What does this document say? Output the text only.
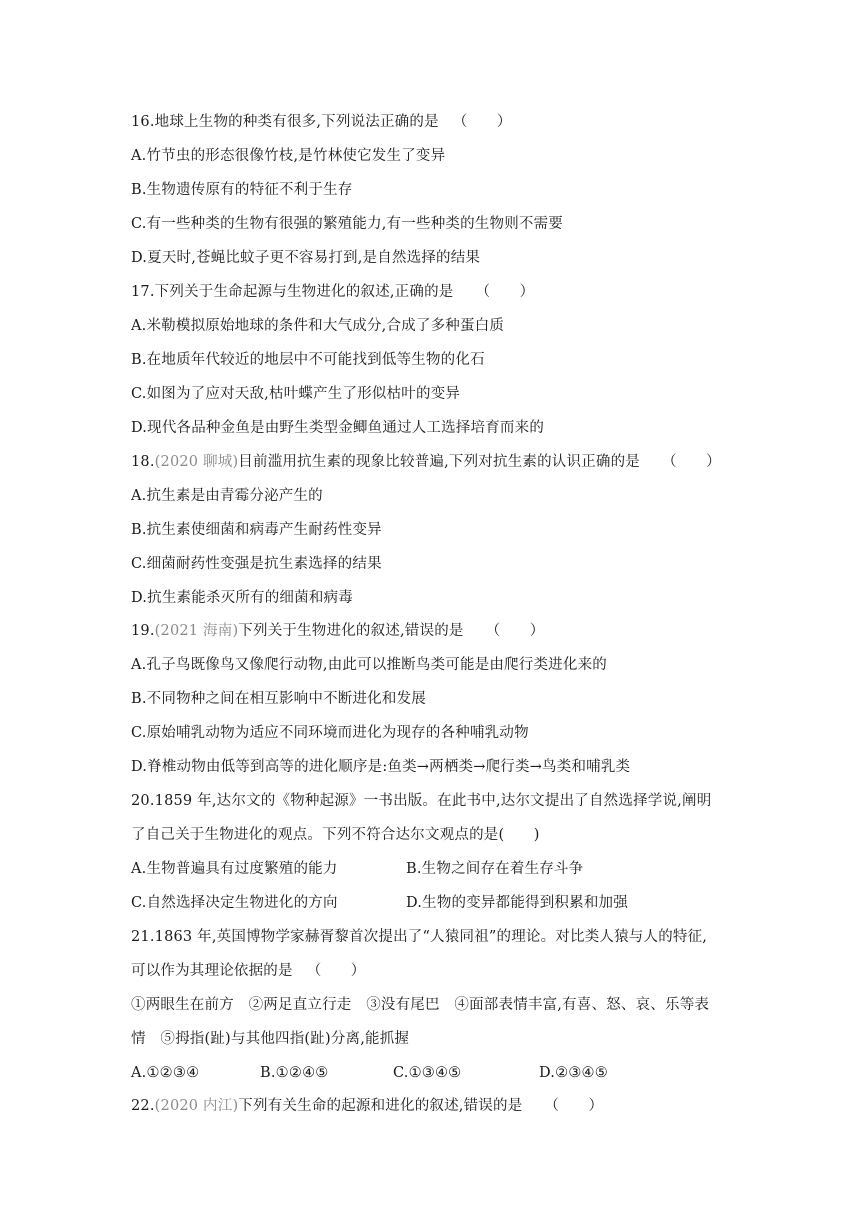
16.地球上生物的种类有很多,下列说法正确的是 （　　）
A.竹节虫的形态很像竹枝,是竹林使它发生了变异
B.生物遗传原有的特征不利于生存
C.有一些种类的生物有很强的繁殖能力,有一些种类的生物则不需要
D.夏天时,苍蝇比蚊子更不容易打到,是自然选择的结果
17.下列关于生命起源与生物进化的叙述,正确的是 （　　）
A.米勒模拟原始地球的条件和大气成分,合成了多种蛋白质
B.在地质年代较近的地层中不可能找到低等生物的化石
C.如图为了应对天敌,枯叶蝶产生了形似枯叶的变异
D.现代各品种金鱼是由野生类型金鲫鱼通过人工选择培育而来的
18.(2020 聊城)目前滥用抗生素的现象比较普遍,下列对抗生素的认识正确的是 （　　）
A.抗生素是由青霉分泌产生的
B.抗生素使细菌和病毒产生耐药性变异
C.细菌耐药性变强是抗生素选择的结果
D.抗生素能杀灭所有的细菌和病毒
19.(2021 海南)下列关于生物进化的叙述,错误的是 （　　）
A.孔子鸟既像鸟又像爬行动物,由此可以推断鸟类可能是由爬行类进化来的
B.不同物种之间在相互影响中不断进化和发展
C.原始哺乳动物为适应不同环境而进化为现存的各种哺乳动物
D.脊椎动物由低等到高等的进化顺序是:鱼类→两栖类→爬行类→鸟类和哺乳类
20.1859 年,达尔文的《物种起源》一书出版。在此书中,达尔文提出了自然选择学说,阐明
了自己关于生物进化的观点。下列不符合达尔文观点的是(　　)
A.生物普遍具有过度繁殖的能力	B.生物之间存在着生存斗争
C.自然选择决定生物进化的方向	D.生物的变异都能得到积累和加强
21.1863 年,英国博物学家赫胥黎首次提出了“人猿同祖”的理论。对比类人猿与人的特征,
可以作为其理论依据的是 （　　）
①两眼生在前方　②两足直立行走　③没有尾巴　④面部表情丰富,有喜、怒、哀、乐等表
情　⑤拇指(趾)与其他四指(趾)分离,能抓握
A.①②③④	B.①②④⑤	C.①③④⑤	D.②③④⑤
22.(2020 内江)下列有关生命的起源和进化的叙述,错误的是 （　　）
